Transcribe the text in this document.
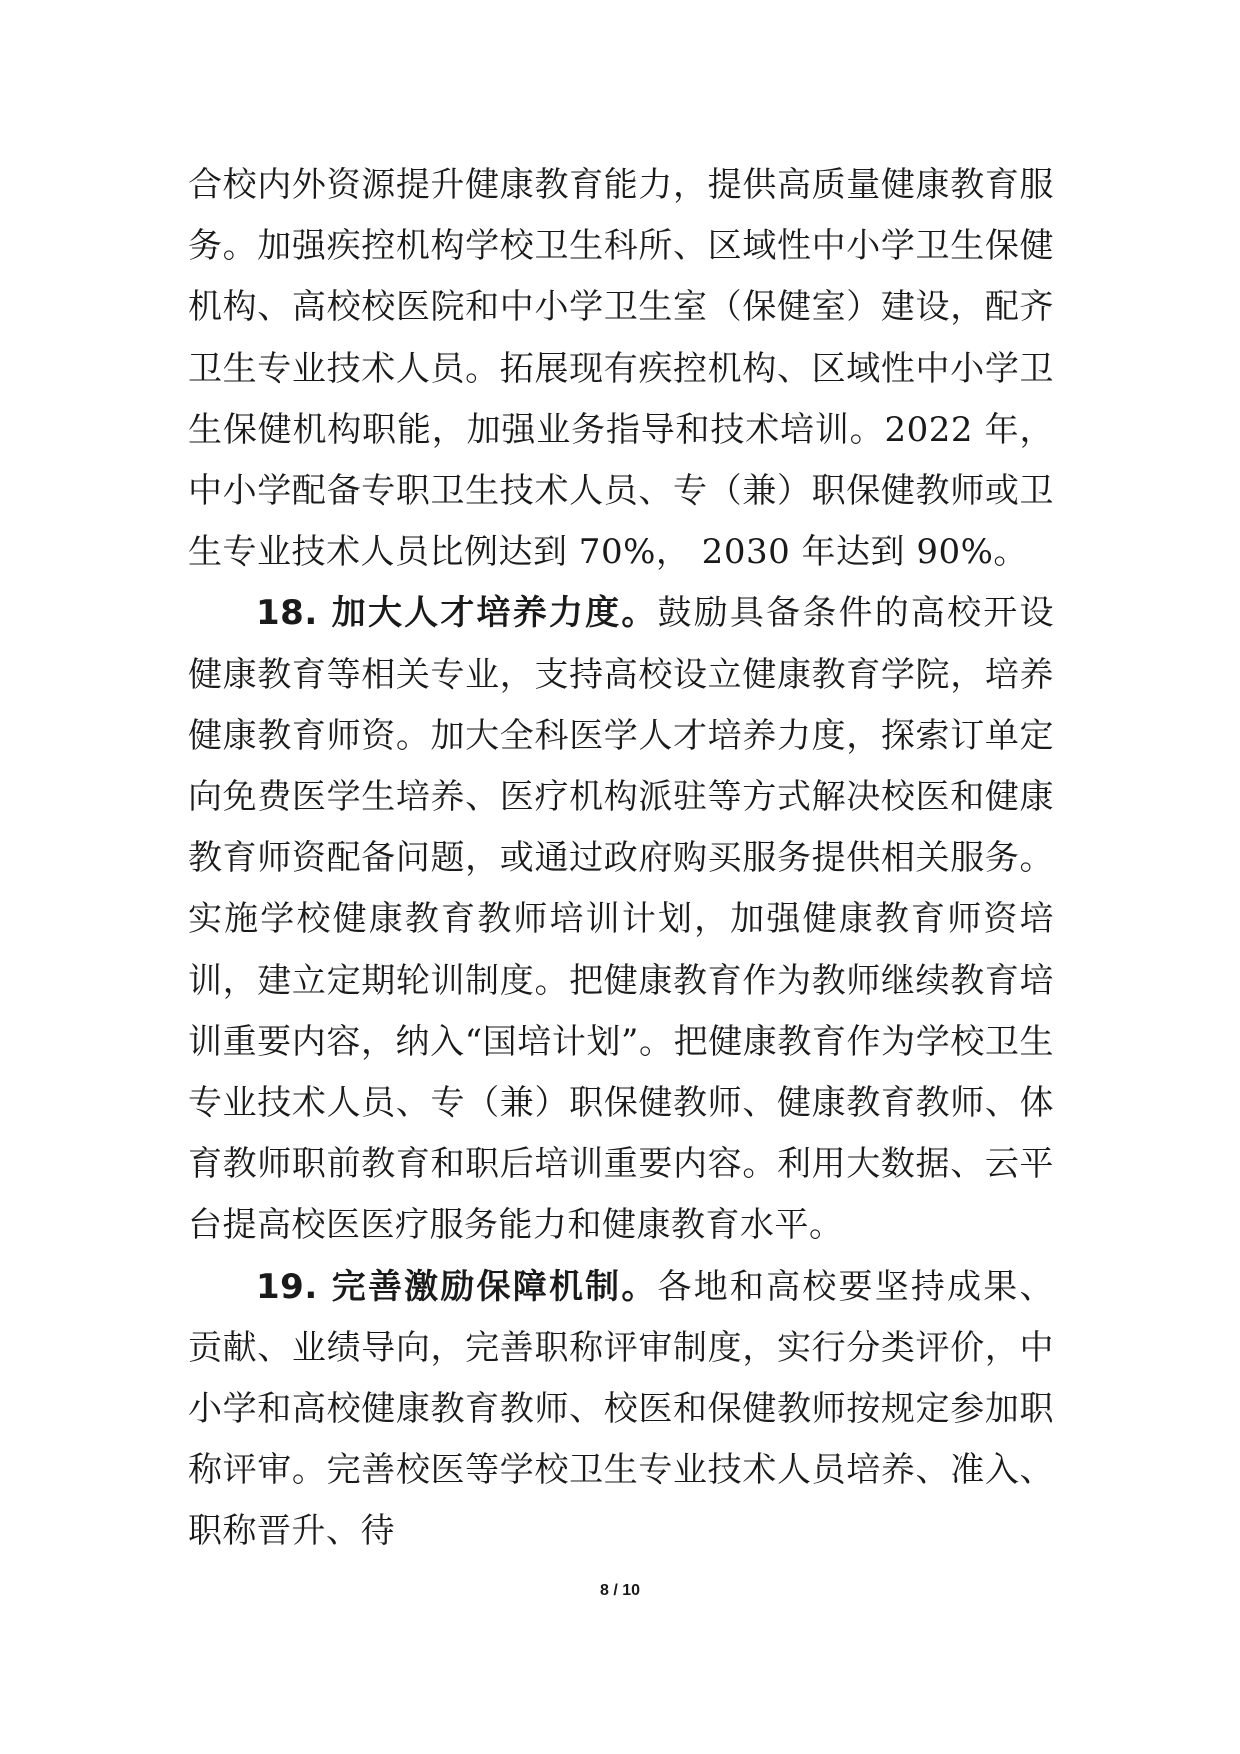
合校内外资源提升健康教育能力，提供高质量健康教育服务。加强疾控机构学校卫生科所、区域性中小学卫生保健机构、高校校医院和中小学卫生室（保健室）建设，配齐卫生专业技术人员。拓展现有疾控机构、区域性中小学卫生保健机构职能，加强业务指导和技术培训。2022 年，中小学配备专职卫生技术人员、专（兼）职保健教师或卫生专业技术人员比例达到 70%， 2030 年达到 90%。

18. 加大人才培养力度。鼓励具备条件的高校开设健康教育等相关专业，支持高校设立健康教育学院，培养健康教育师资。加大全科医学人才培养力度，探索订单定向免费医学生培养、医疗机构派驻等方式解决校医和健康教育师资配备问题，或通过政府购买服务提供相关服务。实施学校健康教育教师培训计划，加强健康教育师资培训，建立定期轮训制度。把健康教育作为教师继续教育培训重要内容，纳入“国培计划”。把健康教育作为学校卫生专业技术人员、专（兼）职保健教师、健康教育教师、体育教师职前教育和职后培训重要内容。利用大数据、云平台提高校医医疗服务能力和健康教育水平。

19. 完善激励保障机制。各地和高校要坚持成果、贡献、业绩导向，完善职称评审制度，实行分类评价，中小学和高校健康教育教师、校医和保健教师按规定参加职称评审。完善校医等学校卫生专业技术人员培养、准入、职称晋升、待

8 / 10
